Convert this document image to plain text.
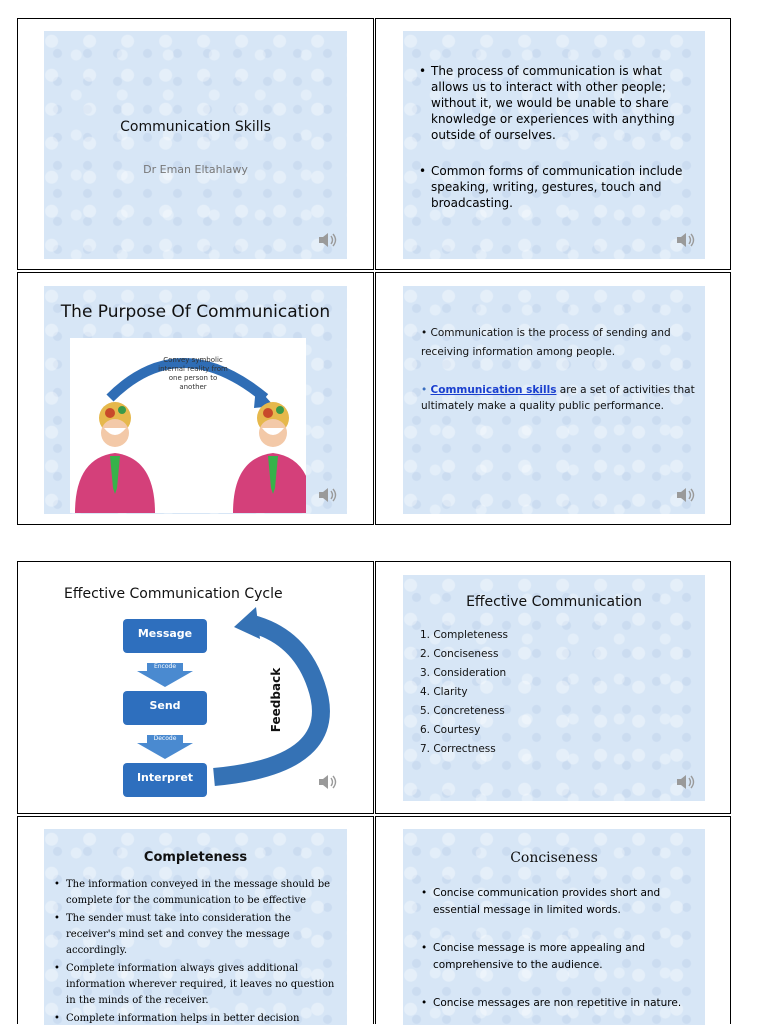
Communication Skills
Dr Eman Eltahlawy
• The process of communication is what allows us to interact with other people; without it, we would be unable to share knowledge or experiences with anything outside of ourselves.
• Common forms of communication include speaking, writing, gestures, touch and broadcasting.
The Purpose Of Communication
Convey symbolic internal reality from one person to another
• Communication is the process of sending and receiving information among people.
• Communication skills are a set of activities that ultimately make a quality public performance.
Effective Communication Cycle
Message
Encode
Send
Decode
Interpret
Feedback
Effective Communication
1. Completeness
2. Conciseness
3. Consideration
4. Clarity
5. Concreteness
6. Courtesy
7. Correctness
Completeness
• The information conveyed in the message should be complete for the communication to be effective
• The sender must take into consideration the receiver's mind set and convey the message accordingly.
• Complete information always gives additional information wherever required, it leaves no question in the minds of the receiver.
• Complete information helps in better decision
Conciseness
• Concise communication provides short and essential message in limited words.
• Concise message is more appealing and comprehensive to the audience.
• Concise messages are non repetitive in nature.
